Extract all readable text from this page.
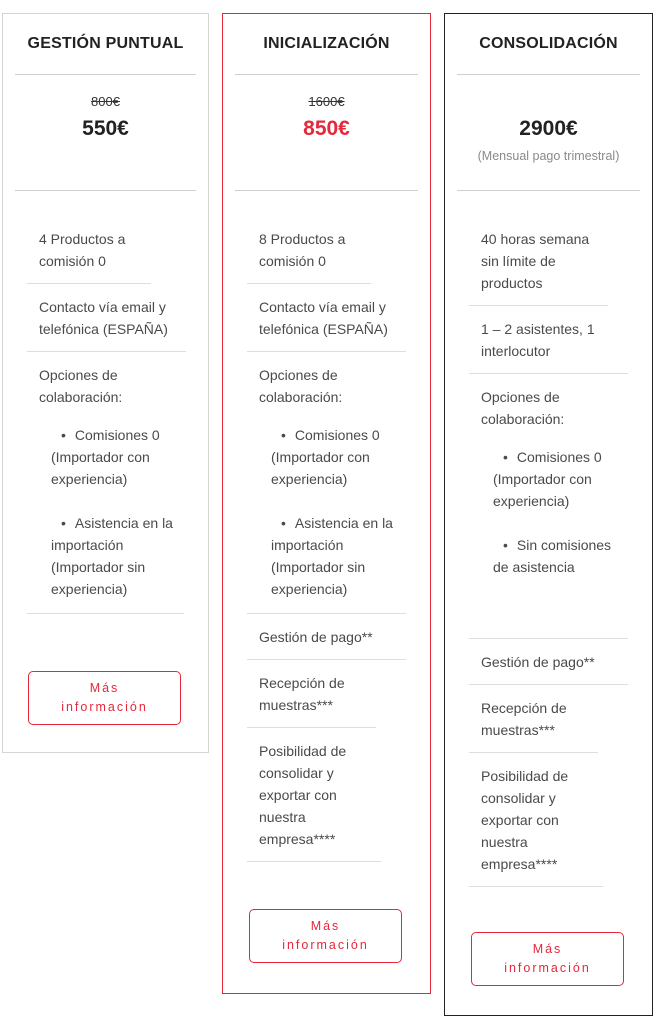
GESTIÓN PUNTUAL
800€
550€
4 Productos a comisión 0
Contacto vía email y telefónica (ESPAÑA)
Opciones de colaboración:
• Comisiones 0 (Importador con experiencia)
• Asistencia en la importación (Importador sin experiencia)
Más
información
INICIALIZACIÓN
1600€
850€
8 Productos a comisión 0
Contacto vía email y telefónica (ESPAÑA)
Opciones de colaboración:
• Comisiones 0 (Importador con experiencia)
• Asistencia en la importación (Importador sin experiencia)
Gestión de pago**
Recepción de muestras***
Posibilidad de consolidar y exportar con nuestra empresa****
Más
información
CONSOLIDACIÓN
2900€
(Mensual pago trimestral)
40 horas semana sin límite de productos
1 – 2 asistentes, 1 interlocutor
Opciones de colaboración:
• Comisiones 0 (Importador con experiencia)
• Sin comisiones de asistencia
Gestión de pago**
Recepción de muestras***
Posibilidad de consolidar y exportar con nuestra empresa****
Más
información
